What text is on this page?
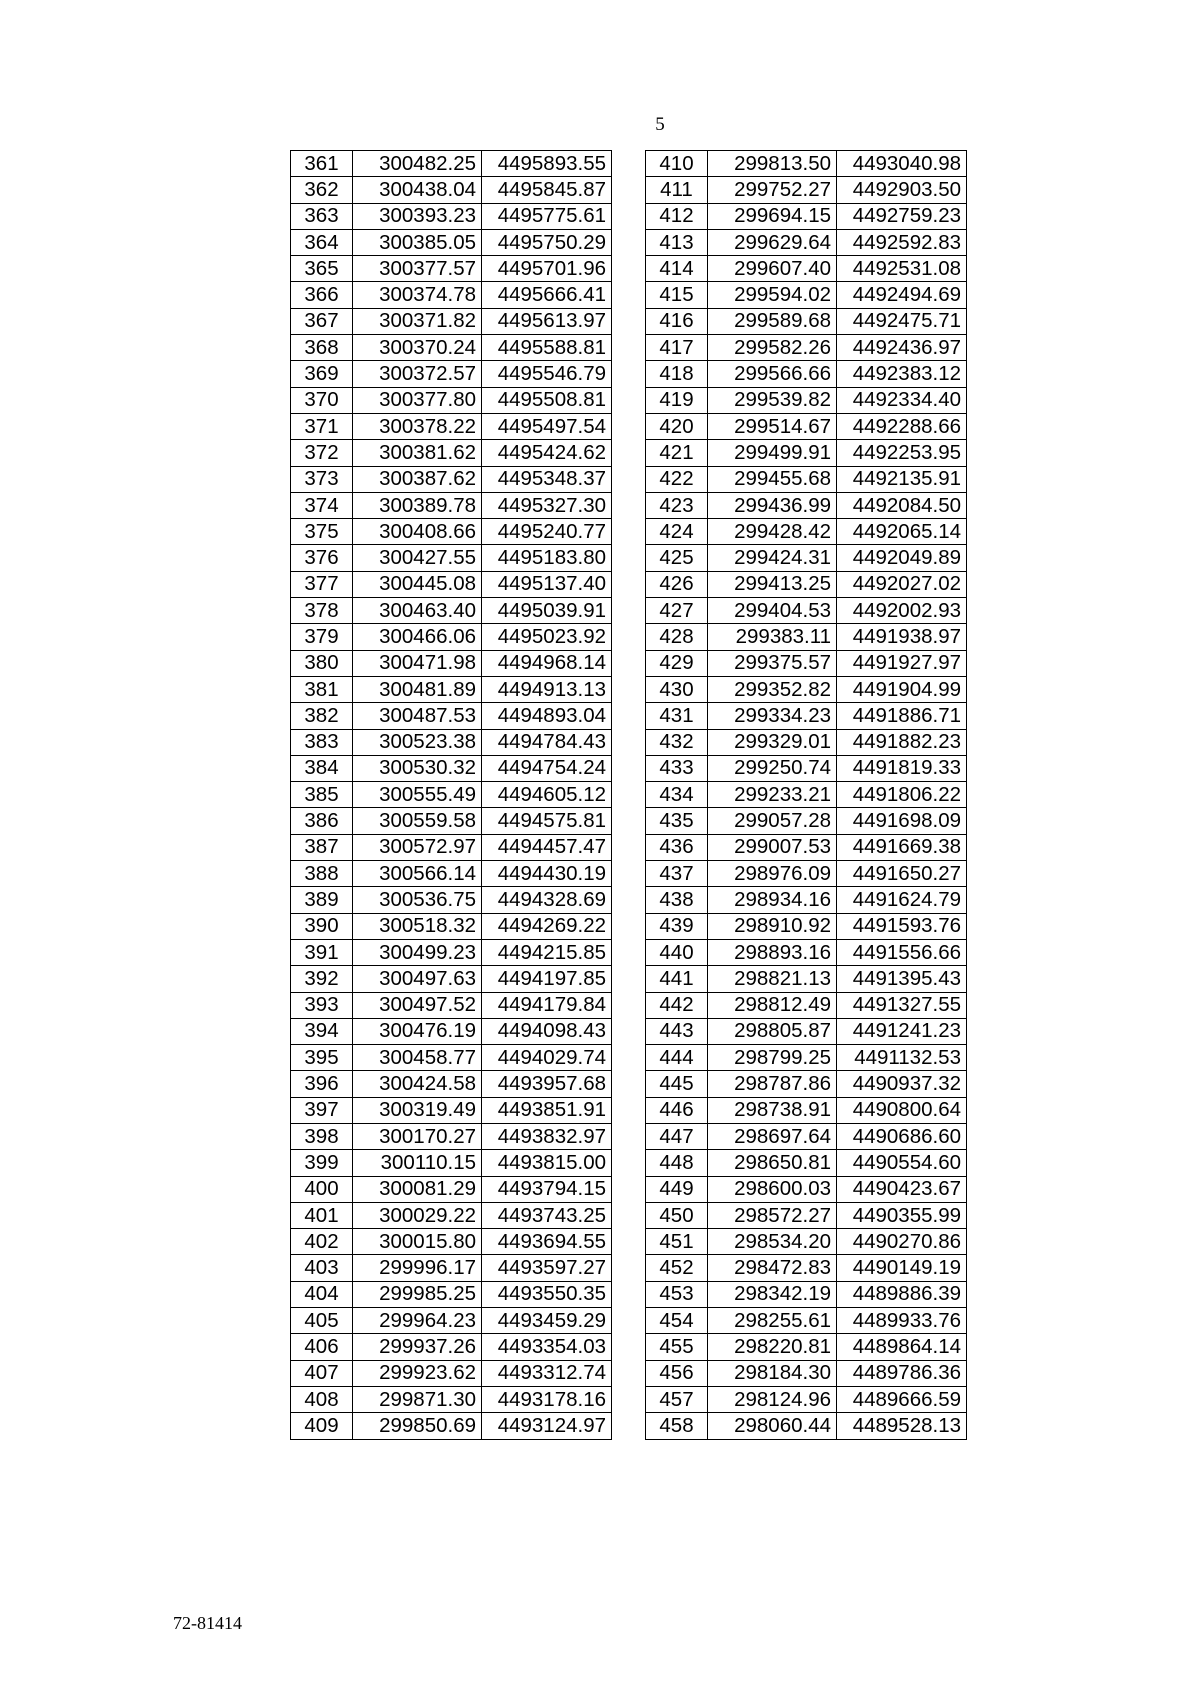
5
361	300482.25	4495893.55
362	300438.04	4495845.87
363	300393.23	4495775.61
364	300385.05	4495750.29
365	300377.57	4495701.96
366	300374.78	4495666.41
367	300371.82	4495613.97
368	300370.24	4495588.81
369	300372.57	4495546.79
370	300377.80	4495508.81
371	300378.22	4495497.54
372	300381.62	4495424.62
373	300387.62	4495348.37
374	300389.78	4495327.30
375	300408.66	4495240.77
376	300427.55	4495183.80
377	300445.08	4495137.40
378	300463.40	4495039.91
379	300466.06	4495023.92
380	300471.98	4494968.14
381	300481.89	4494913.13
382	300487.53	4494893.04
383	300523.38	4494784.43
384	300530.32	4494754.24
385	300555.49	4494605.12
386	300559.58	4494575.81
387	300572.97	4494457.47
388	300566.14	4494430.19
389	300536.75	4494328.69
390	300518.32	4494269.22
391	300499.23	4494215.85
392	300497.63	4494197.85
393	300497.52	4494179.84
394	300476.19	4494098.43
395	300458.77	4494029.74
396	300424.58	4493957.68
397	300319.49	4493851.91
398	300170.27	4493832.97
399	300110.15	4493815.00
400	300081.29	4493794.15
401	300029.22	4493743.25
402	300015.80	4493694.55
403	299996.17	4493597.27
404	299985.25	4493550.35
405	299964.23	4493459.29
406	299937.26	4493354.03
407	299923.62	4493312.74
408	299871.30	4493178.16
409	299850.69	4493124.97
410	299813.50	4493040.98
411	299752.27	4492903.50
412	299694.15	4492759.23
413	299629.64	4492592.83
414	299607.40	4492531.08
415	299594.02	4492494.69
416	299589.68	4492475.71
417	299582.26	4492436.97
418	299566.66	4492383.12
419	299539.82	4492334.40
420	299514.67	4492288.66
421	299499.91	4492253.95
422	299455.68	4492135.91
423	299436.99	4492084.50
424	299428.42	4492065.14
425	299424.31	4492049.89
426	299413.25	4492027.02
427	299404.53	4492002.93
428	299383.11	4491938.97
429	299375.57	4491927.97
430	299352.82	4491904.99
431	299334.23	4491886.71
432	299329.01	4491882.23
433	299250.74	4491819.33
434	299233.21	4491806.22
435	299057.28	4491698.09
436	299007.53	4491669.38
437	298976.09	4491650.27
438	298934.16	4491624.79
439	298910.92	4491593.76
440	298893.16	4491556.66
441	298821.13	4491395.43
442	298812.49	4491327.55
443	298805.87	4491241.23
444	298799.25	4491132.53
445	298787.86	4490937.32
446	298738.91	4490800.64
447	298697.64	4490686.60
448	298650.81	4490554.60
449	298600.03	4490423.67
450	298572.27	4490355.99
451	298534.20	4490270.86
452	298472.83	4490149.19
453	298342.19	4489886.39
454	298255.61	4489933.76
455	298220.81	4489864.14
456	298184.30	4489786.36
457	298124.96	4489666.59
458	298060.44	4489528.13
72-81414
